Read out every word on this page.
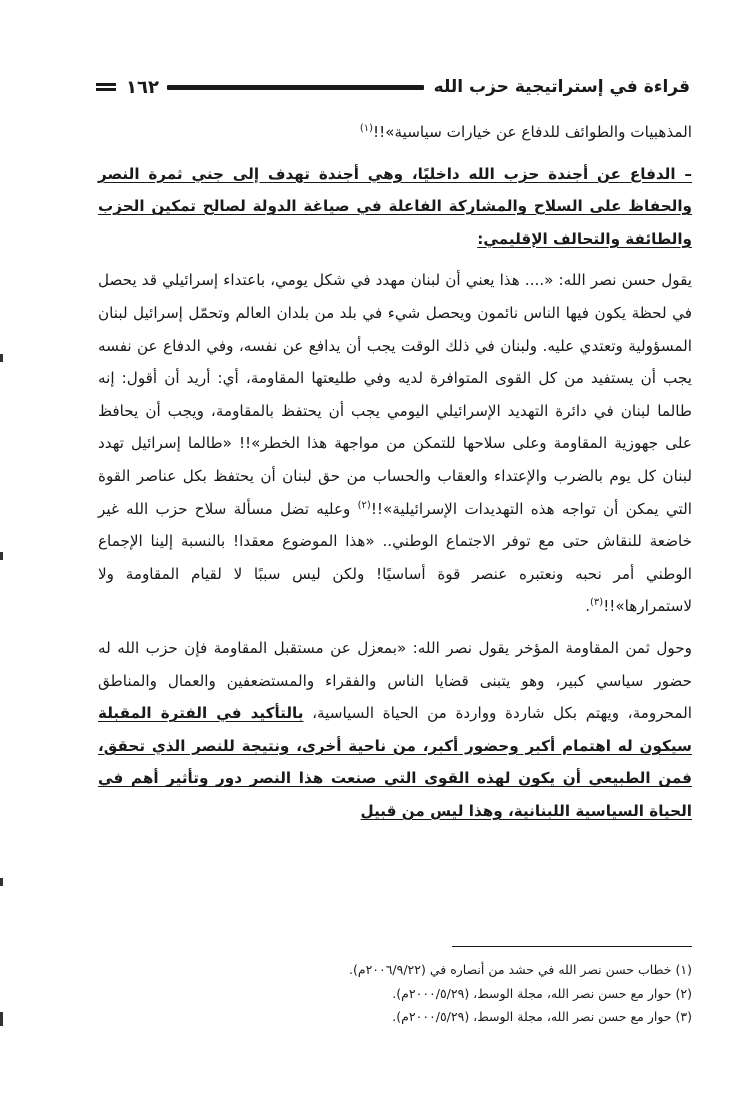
قراءة في إستراتيجية حزب الله
١٦٢

المذهبيات والطوائف للدفاع عن خيارات سياسية»!!$^{(١)}$

– الدفاع عن أجندة حزب الله داخليًا، وهي أجندة تهدف إلى جني ثمرة النصر والحفاظ على السلاح والمشاركة الفاعلة في صياغة الدولة لصالح تمكين الحزب والطائفة والتحالف الإقليمي:

يقول حسن نصر الله: «.... هذا يعني أن لبنان مهدد في شكل يومي، باعتداء إسرائيلي قد يحصل في لحظة يكون فيها الناس نائمون ويحصل شيء في بلد من بلدان العالم وتحمّل إسرائيل لبنان المسؤولية وتعتدي عليه. ولبنان في ذلك الوقت يجب أن يدافع عن نفسه، وفي الدفاع عن نفسه يجب أن يستفيد من كل القوى المتوافرة لديه وفي طليعتها المقاومة، أي: أريد أن أقول: إنه طالما لبنان في دائرة التهديد الإسرائيلي اليومي يجب أن يحتفظ بالمقاومة، ويجب أن يحافظ على جهوزية المقاومة وعلى سلاحها للتمكن من مواجهة هذا الخطر»!! «طالما إسرائيل تهدد لبنان كل يوم بالضرب والإعتداء والعقاب والحساب من حق لبنان أن يحتفظ بكل عناصر القوة التي يمكن أن تواجه هذه التهديدات الإسرائيلية»!!$^{(٢)}$ وعليه تضل مسألة سلاح حزب الله غير خاضعة للنقاش حتى مع توفر الاجتماع الوطني.. «هذا الموضوع معقدا! بالنسبة إلينا الإجماع الوطني أمر نحبه ونعتبره عنصر قوة أساسيًا! ولكن ليس سببًا لا لقيام المقاومة ولا لاستمرارها»!!$^{(٣)}$.

وحول ثمن المقاومة المؤخر يقول نصر الله: «بمعزل عن مستقبل المقاومة فإن حزب الله له حضور سياسي كبير، وهو يتبنى قضايا الناس والفقراء والمستضعفين والعمال والمناطق المحرومة، ويهتم بكل شاردة وواردة من الحياة السياسية، بالتأكيد في الفترة المقبلة سيكون له اهتمام أكبر وحضور أكبر، من ناحية أخرى، ونتيجة للنصر الذي تحقق، فمن الطبيعي أن يكون لهذه القوى التي صنعت هذا النصر دور وتأثير أهم في الحياة السياسية اللبنانية، وهذا ليس من قبيل

(١) خطاب حسن نصر الله في حشد من أنصاره في (٢٠٠٦/٩/٢٢م).
(٢) حوار مع حسن نصر الله، مجلة الوسط، (٢٠٠٠/٥/٢٩م).
(٣) حوار مع حسن نصر الله، مجلة الوسط، (٢٠٠٠/٥/٢٩م).
